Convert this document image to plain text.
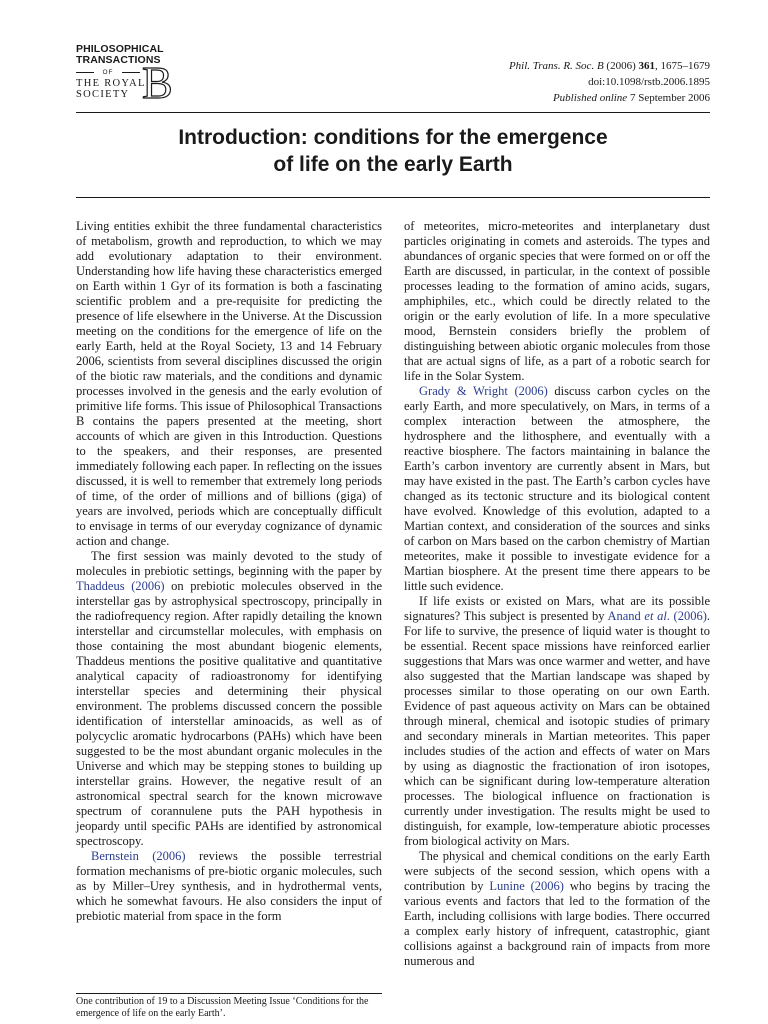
PHILOSOPHICAL
TRANSACTIONS
OF
THE ROYAL
SOCIETY B	Phil. Trans. R. Soc. B (2006) 361, 1675–1679
doi:10.1098/rstb.2006.1895
Published online 7 September 2006
Introduction: conditions for the emergence
of life on the early Earth

Living entities exhibit the three fundamental characteristics of metabolism, growth and reproduction, to which we may add evolutionary adaptation to their environment. Understanding how life having these characteristics emerged on Earth within 1 Gyr of its formation is both a fascinating scientific problem and a pre-requisite for predicting the presence of life elsewhere in the Universe. At the Discussion meeting on the conditions for the emergence of life on the early Earth, held at the Royal Society, 13 and 14 February 2006, scientists from several disciplines discussed the origin of the biotic raw materials, and the conditions and dynamic processes involved in the genesis and the early evolution of primitive life forms. This issue of Philosophical Transactions B contains the papers presented at the meeting, short accounts of which are given in this Introduction. Questions to the speakers, and their responses, are presented immediately following each paper. In reflecting on the issues discussed, it is well to remember that extremely long periods of time, of the order of millions and of billions (giga) of years are involved, periods which are conceptually difficult to envisage in terms of our everyday cognizance of dynamic action and change.

The first session was mainly devoted to the study of molecules in prebiotic settings, beginning with the paper by Thaddeus (2006) on prebiotic molecules observed in the interstellar gas by astrophysical spectroscopy, principally in the radiofrequency region. After rapidly detailing the known interstellar and circumstellar molecules, with emphasis on those containing the most abundant biogenic elements, Thaddeus mentions the positive qualitative and quantitative analytical capacity of radioastronomy for identifying interstellar species and determining their physical environment. The problems discussed concern the possible identification of interstellar aminoacids, as well as of polycyclic aromatic hydrocarbons (PAHs) which have been suggested to be the most abundant organic molecules in the Universe and which may be stepping stones to building up interstellar grains. However, the negative result of an astronomical spectral search for the known microwave spectrum of corannulene puts the PAH hypothesis in jeopardy until specific PAHs are identified by astronomical spectroscopy.

Bernstein (2006) reviews the possible terrestrial formation mechanisms of pre-biotic organic molecules, such as by Miller–Urey synthesis, and in hydrothermal vents, which he somewhat favours. He also considers the input of prebiotic material from space in the form

of meteorites, micro-meteorites and interplanetary dust particles originating in comets and asteroids. The types and abundances of organic species that were formed on or off the Earth are discussed, in particular, in the context of possible processes leading to the formation of amino acids, sugars, amphiphiles, etc., which could be directly related to the origin or the early evolution of life. In a more speculative mood, Bernstein considers briefly the problem of distinguishing between abiotic organic molecules from those that are actual signs of life, as a part of a robotic search for life in the Solar System.

Grady & Wright (2006) discuss carbon cycles on the early Earth, and more speculatively, on Mars, in terms of a complex interaction between the atmosphere, the hydrosphere and the lithosphere, and eventually with a reactive biosphere. The factors maintaining in balance the Earth’s carbon inventory are currently absent in Mars, but may have existed in the past. The Earth’s carbon cycles have changed as its tectonic structure and its biological content have evolved. Knowledge of this evolution, adapted to a Martian context, and consideration of the sources and sinks of carbon on Mars based on the carbon chemistry of Martian meteorites, make it possible to investigate evidence for a Martian biosphere. At the present time there appears to be little such evidence.

If life exists or existed on Mars, what are its possible signatures? This subject is presented by Anand et al. (2006). For life to survive, the presence of liquid water is thought to be essential. Recent space missions have reinforced earlier suggestions that Mars was once warmer and wetter, and have also suggested that the Martian landscape was shaped by processes similar to those operating on our own Earth. Evidence of past aqueous activity on Mars can be obtained through mineral, chemical and isotopic studies of primary and secondary minerals in Martian meteorites. This paper includes studies of the action and effects of water on Mars by using as diagnostic the fractionation of iron isotopes, which can be significant during low-temperature alteration processes. The biological influence on fractionation is currently under investigation. The results might be used to distinguish, for example, low-temperature abiotic processes from biological activity on Mars.

The physical and chemical conditions on the early Earth were subjects of the second session, which opens with a contribution by Lunine (2006) who begins by tracing the various events and factors that led to the formation of the Earth, including collisions with large bodies. There occurred a complex early history of infrequent, catastrophic, giant collisions against a background rain of impacts from more numerous and

One contribution of 19 to a Discussion Meeting Issue ‘Conditions for the emergence of life on the early Earth’.
